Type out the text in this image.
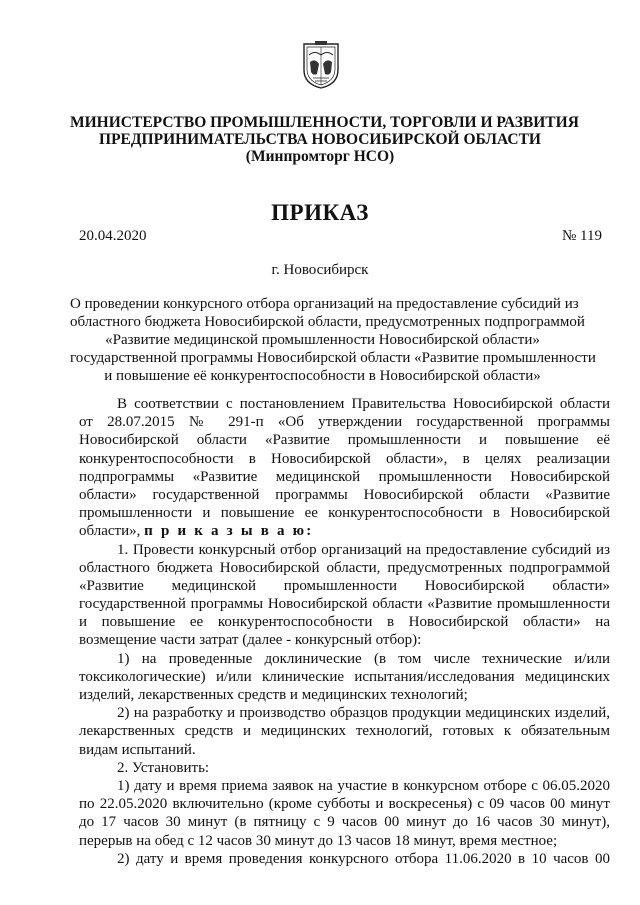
МИНИСТЕРСТВО ПРОМЫШЛЕННОСТИ, ТОРГОВЛИ И РАЗВИТИЯ
ПРЕДПРИНИМАТЕЛЬСТВА НОВОСИБИРСКОЙ ОБЛАСТИ
(Минпромторг НСО)
ПРИКАЗ
20.04.2020	№ 119
г. Новосибирск
О проведении конкурсного отбора организаций на предоставление субсидий из
областного бюджета Новосибирской области, предусмотренных подпрограммой
«Развитие медицинской промышленности Новосибирской области»
государственной программы Новосибирской области «Развитие промышленности
и повышение её конкурентоспособности в Новосибирской области»
В соответствии с постановлением Правительства Новосибирской области
от 28.07.2015 № 291-п «Об утверждении государственной программы
Новосибирской области «Развитие промышленности и повышение её
конкурентоспособности в Новосибирской области», в целях реализации
подпрограммы «Развитие медицинской промышленности Новосибирской
области» государственной программы Новосибирской области «Развитие
промышленности и повышение ее конкурентоспособности в Новосибирской
области», п р и к а з ы в а ю:
1. Провести конкурсный отбор организаций на предоставление субсидий из
областного бюджета Новосибирской области, предусмотренных подпрограммой
«Развитие медицинской промышленности Новосибирской области»
государственной программы Новосибирской области «Развитие промышленности
и повышение ее конкурентоспособности в Новосибирской области» на
возмещение части затрат (далее - конкурсный отбор):
1) на проведенные доклинические (в том числе технические и/или
токсикологические) и/или клинические испытания/исследования медицинских
изделий, лекарственных средств и медицинских технологий;
2) на разработку и производство образцов продукции медицинских изделий,
лекарственных средств и медицинских технологий, готовых к обязательным
видам испытаний.
2. Установить:
1) дату и время приема заявок на участие в конкурсном отборе с 06.05.2020
по 22.05.2020 включительно (кроме субботы и воскресенья) с 09 часов 00 минут
до 17 часов 30 минут (в пятницу с 9 часов 00 минут до 16 часов 30 минут),
перерыв на обед с 12 часов 30 минут до 13 часов 18 минут, время местное;
2) дату и время проведения конкурсного отбора 11.06.2020 в 10 часов 00
